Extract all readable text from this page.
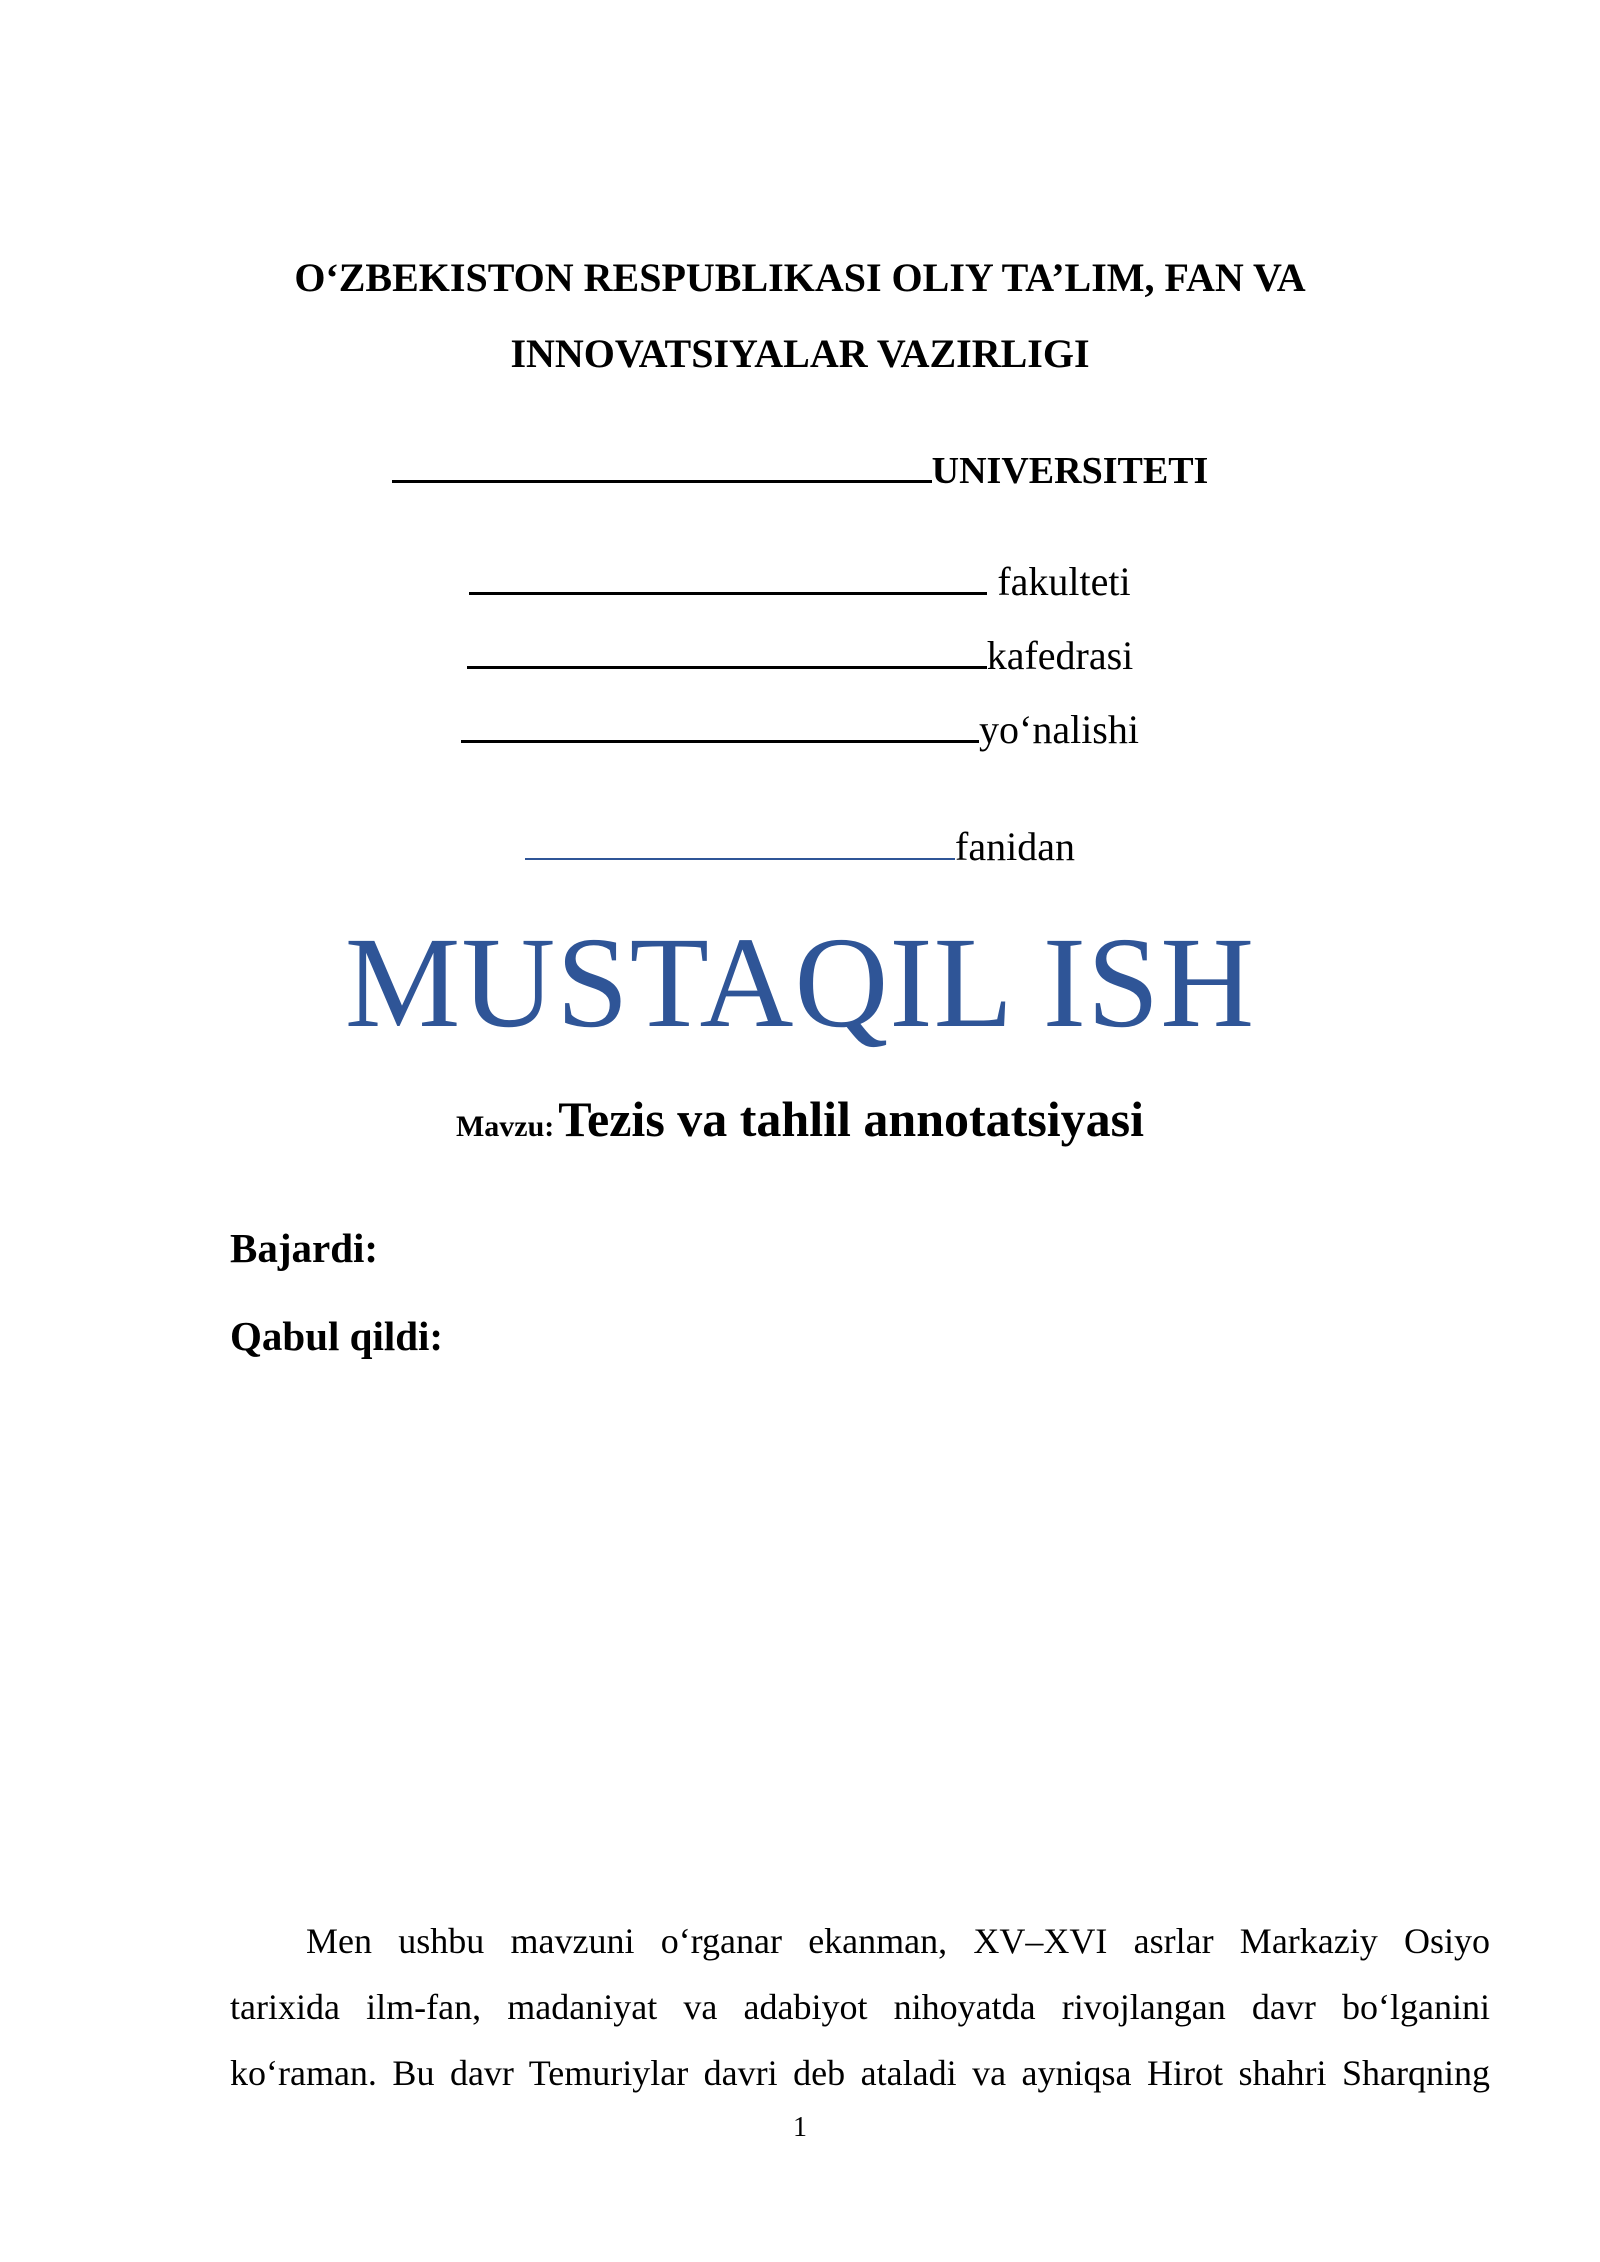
O‘ZBEKISTON RESPUBLIKASI OLIY TA’LIM, FAN VA
INNOVATSIYALAR VAZIRLIGI
UNIVERSITETI
fakulteti
kafedrasi
yo‘nalishi
fanidan
MUSTAQIL ISH
Mavzu: Tezis va tahlil annotatsiyasi
Bajardi:
Qabul qildi:
Men ushbu mavzuni o‘rganar ekanman, XV–XVI asrlar Markaziy Osiyo
tarixida ilm-fan, madaniyat va adabiyot nihoyatda rivojlangan davr bo‘lganini
ko‘raman. Bu davr Temuriylar davri deb ataladi va ayniqsa Hirot shahri Sharqning
1
